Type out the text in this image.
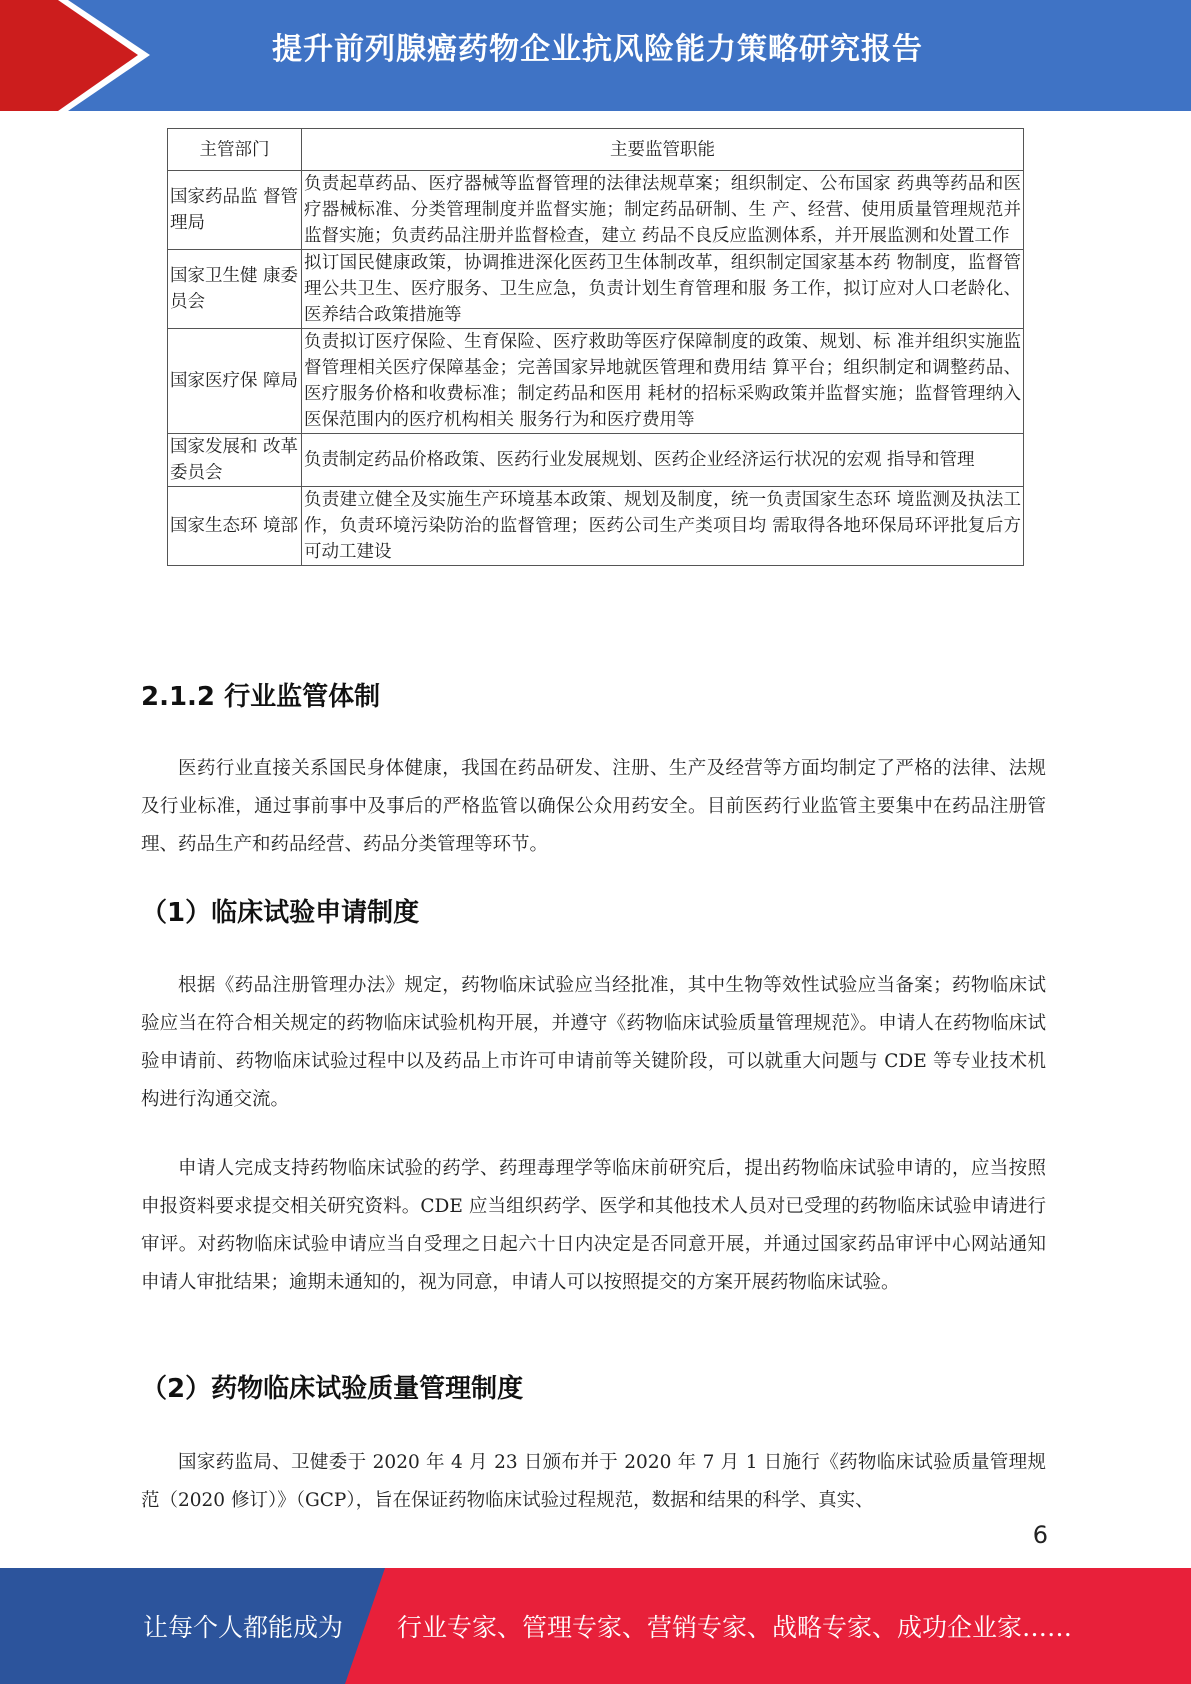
提升前列腺癌药物企业抗风险能力策略研究报告
主管部门	主要监管职能
国家药品监 督管理局	负责起草药品、医疗器械等监督管理的法律法规草案；组织制定、公布国家 药典等药品和医疗器械标准、分类管理制度并监督实施；制定药品研制、生 产、经营、使用质量管理规范并监督实施；负责药品注册并监督检查，建立 药品不良反应监测体系，并开展监测和处置工作
国家卫生健 康委员会	拟订国民健康政策，协调推进深化医药卫生体制改革，组织制定国家基本药 物制度，监督管理公共卫生、医疗服务、卫生应急，负责计划生育管理和服 务工作，拟订应对人口老龄化、医养结合政策措施等
国家医疗保 障局	负责拟订医疗保险、生育保险、医疗救助等医疗保障制度的政策、规划、标 准并组织实施监督管理相关医疗保障基金；完善国家异地就医管理和费用结 算平台；组织制定和调整药品、医疗服务价格和收费标准；制定药品和医用 耗材的招标采购政策并监督实施；监督管理纳入医保范围内的医疗机构相关 服务行为和医疗费用等
国家发展和 改革委员会	负责制定药品价格政策、医药行业发展规划、医药企业经济运行状况的宏观 指导和管理
国家生态环 境部	负责建立健全及实施生产环境基本政策、规划及制度，统一负责国家生态环 境监测及执法工作，负责环境污染防治的监督管理；医药公司生产类项目均 需取得各地环保局环评批复后方可动工建设
2.1.2 行业监管体制

医药行业直接关系国民身体健康，我国在药品研发、注册、生产及经营等方面均制定了严格的法律、法规及行业标准，通过事前事中及事后的严格监管以确保公众用药安全。目前医药行业监管主要集中在药品注册管理、药品生产和药品经营、药品分类管理等环节。

（1）临床试验申请制度

根据《药品注册管理办法》规定，药物临床试验应当经批准，其中生物等效性试验应当备案；药物临床试验应当在符合相关规定的药物临床试验机构开展，并遵守《药物临床试验质量管理规范》。申请人在药物临床试验申请前、药物临床试验过程中以及药品上市许可申请前等关键阶段，可以就重大问题与 CDE 等专业技术机构进行沟通交流。

申请人完成支持药物临床试验的药学、药理毒理学等临床前研究后，提出药物临床试验申请的，应当按照申报资料要求提交相关研究资料。CDE 应当组织药学、医学和其他技术人员对已受理的药物临床试验申请进行审评。对药物临床试验申请应当自受理之日起六十日内决定是否同意开展，并通过国家药品审评中心网站通知申请人审批结果；逾期未通知的，视为同意，申请人可以按照提交的方案开展药物临床试验。

（2）药物临床试验质量管理制度

国家药监局、卫健委于 2020 年 4 月 23 日颁布并于 2020 年 7 月 1 日施行《药物临床试验质量管理规范（2020 修订）》（GCP），旨在保证药物临床试验过程规范，数据和结果的科学、真实、

6
让每个人都能成为 行业专家、管理专家、营销专家、战略专家、成功企业家……
